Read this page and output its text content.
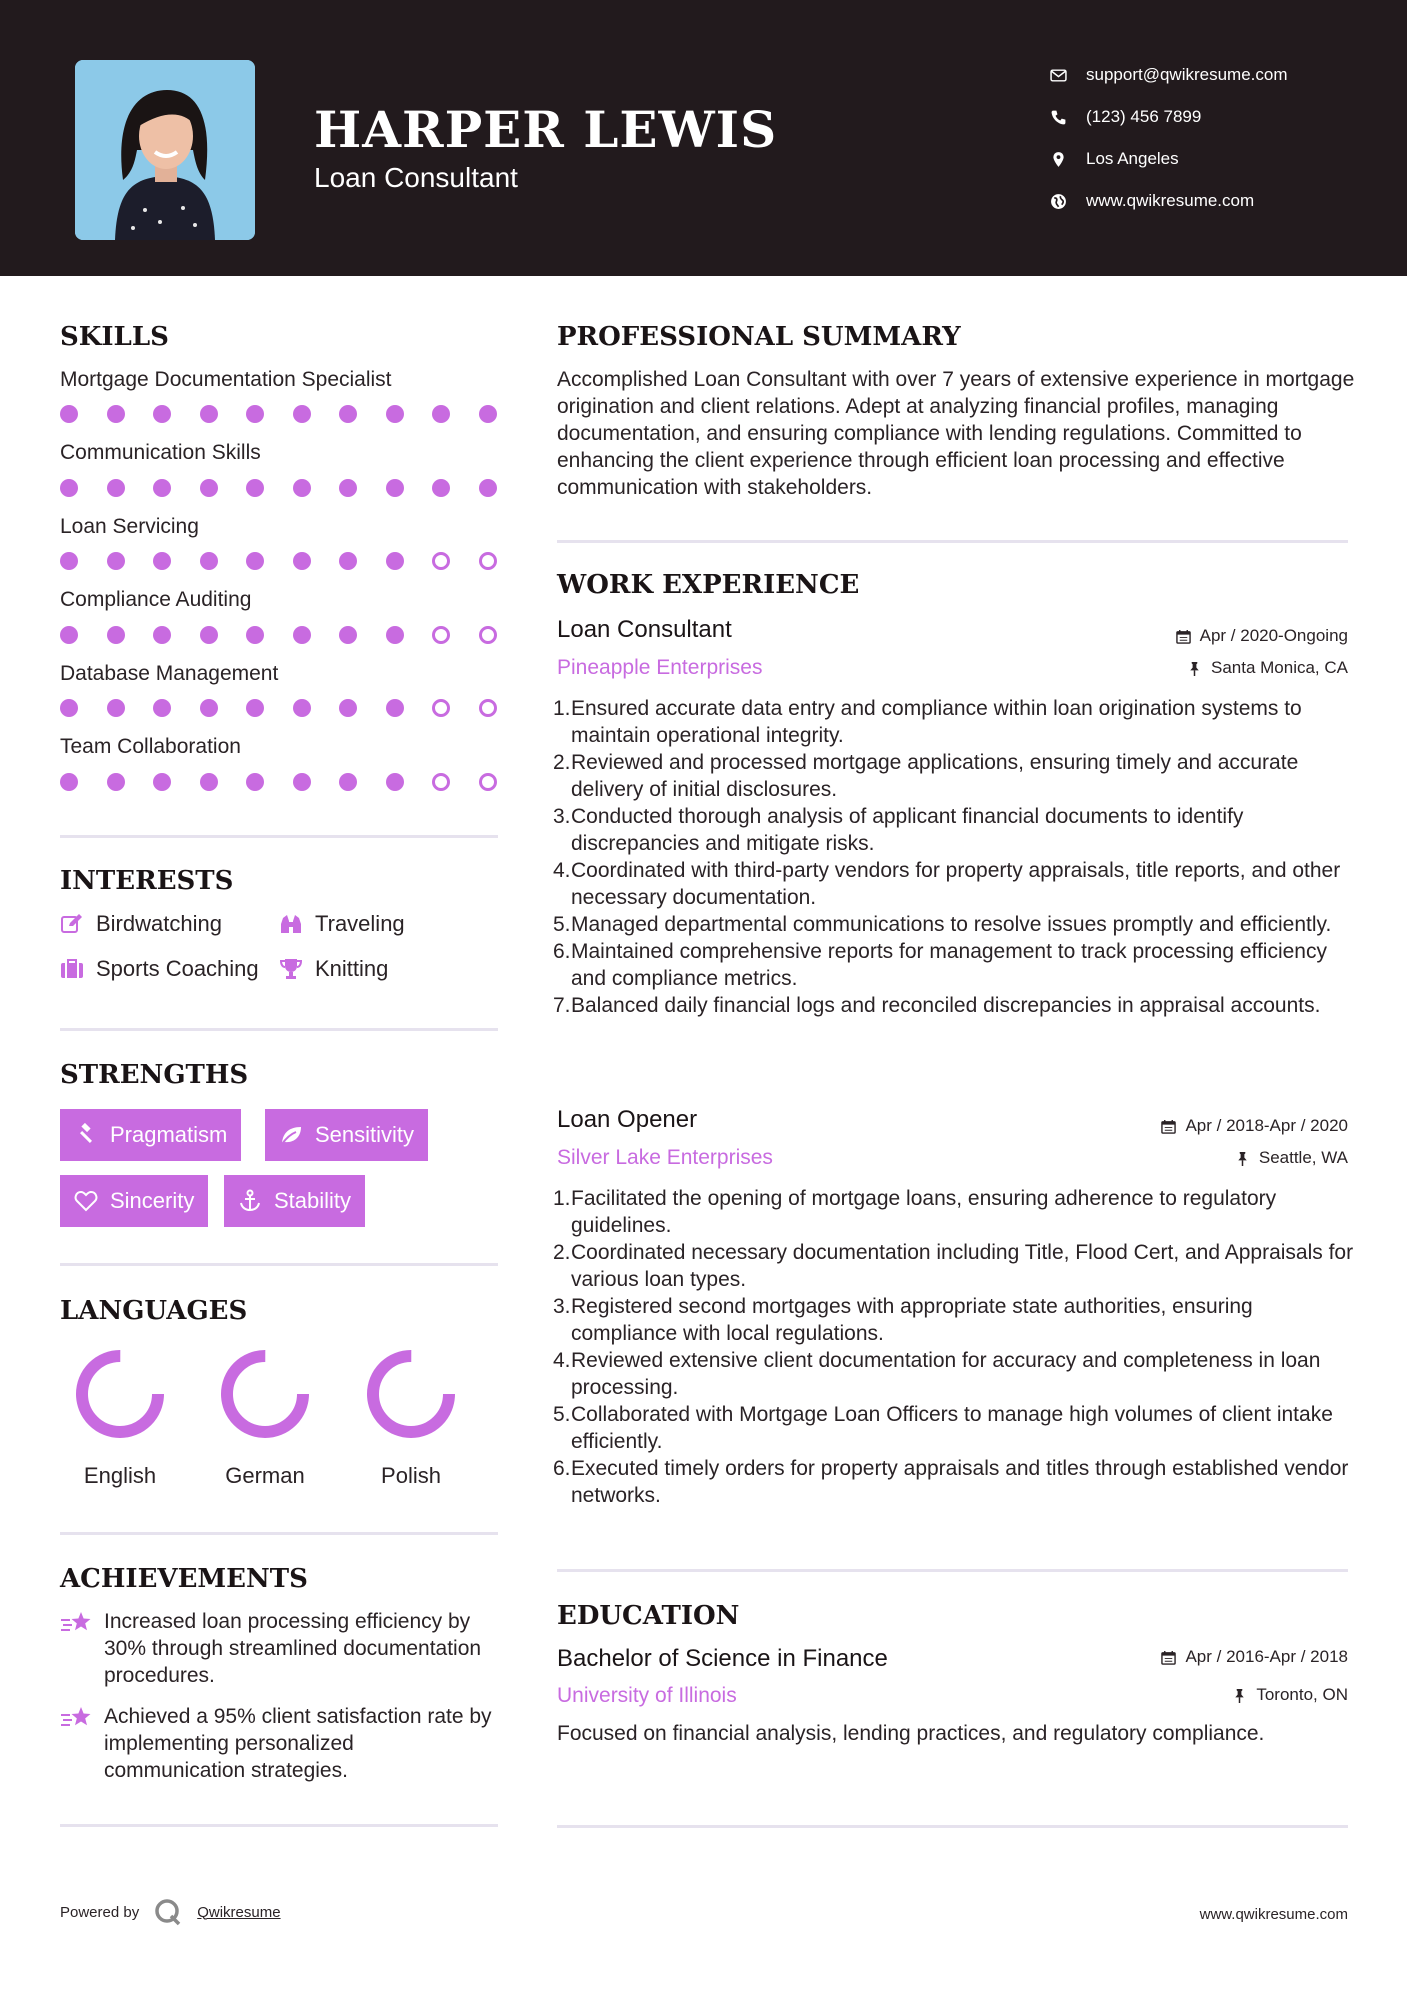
HARPER LEWIS
Loan Consultant
support@qwikresume.com
(123) 456 7899
Los Angeles
www.qwikresume.com
SKILLS
Mortgage Documentation Specialist
Communication Skills
Loan Servicing
Compliance Auditing
Database Management
Team Collaboration
INTERESTS
Birdwatching	Traveling
Sports Coaching	Knitting
STRENGTHS
Pragmatism	Sensitivity
Sincerity	Stability
LANGUAGES
English	German	Polish
ACHIEVEMENTS
Increased loan processing efficiency by 30% through streamlined documentation procedures.
Achieved a 95% client satisfaction rate by implementing personalized communication strategies.
PROFESSIONAL SUMMARY
Accomplished Loan Consultant with over 7 years of extensive experience in mortgage origination and client relations. Adept at analyzing financial profiles, managing documentation, and ensuring compliance with lending regulations. Committed to enhancing the client experience through efficient loan processing and effective communication with stakeholders.
WORK EXPERIENCE
Loan Consultant	Apr / 2020-Ongoing
Pineapple Enterprises	Santa Monica, CA
1. Ensured accurate data entry and compliance within loan origination systems to maintain operational integrity.
2. Reviewed and processed mortgage applications, ensuring timely and accurate delivery of initial disclosures.
3. Conducted thorough analysis of applicant financial documents to identify discrepancies and mitigate risks.
4. Coordinated with third-party vendors for property appraisals, title reports, and other necessary documentation.
5. Managed departmental communications to resolve issues promptly and efficiently.
6. Maintained comprehensive reports for management to track processing efficiency and compliance metrics.
7. Balanced daily financial logs and reconciled discrepancies in appraisal accounts.
Loan Opener	Apr / 2018-Apr / 2020
Silver Lake Enterprises	Seattle, WA
1. Facilitated the opening of mortgage loans, ensuring adherence to regulatory guidelines.
2. Coordinated necessary documentation including Title, Flood Cert, and Appraisals for various loan types.
3. Registered second mortgages with appropriate state authorities, ensuring compliance with local regulations.
4. Reviewed extensive client documentation for accuracy and completeness in loan processing.
5. Collaborated with Mortgage Loan Officers to manage high volumes of client intake efficiently.
6. Executed timely orders for property appraisals and titles through established vendor networks.
EDUCATION
Bachelor of Science in Finance	Apr / 2016-Apr / 2018
University of Illinois	Toronto, ON
Focused on financial analysis, lending practices, and regulatory compliance.
Powered by	Qwikresume	www.qwikresume.com
